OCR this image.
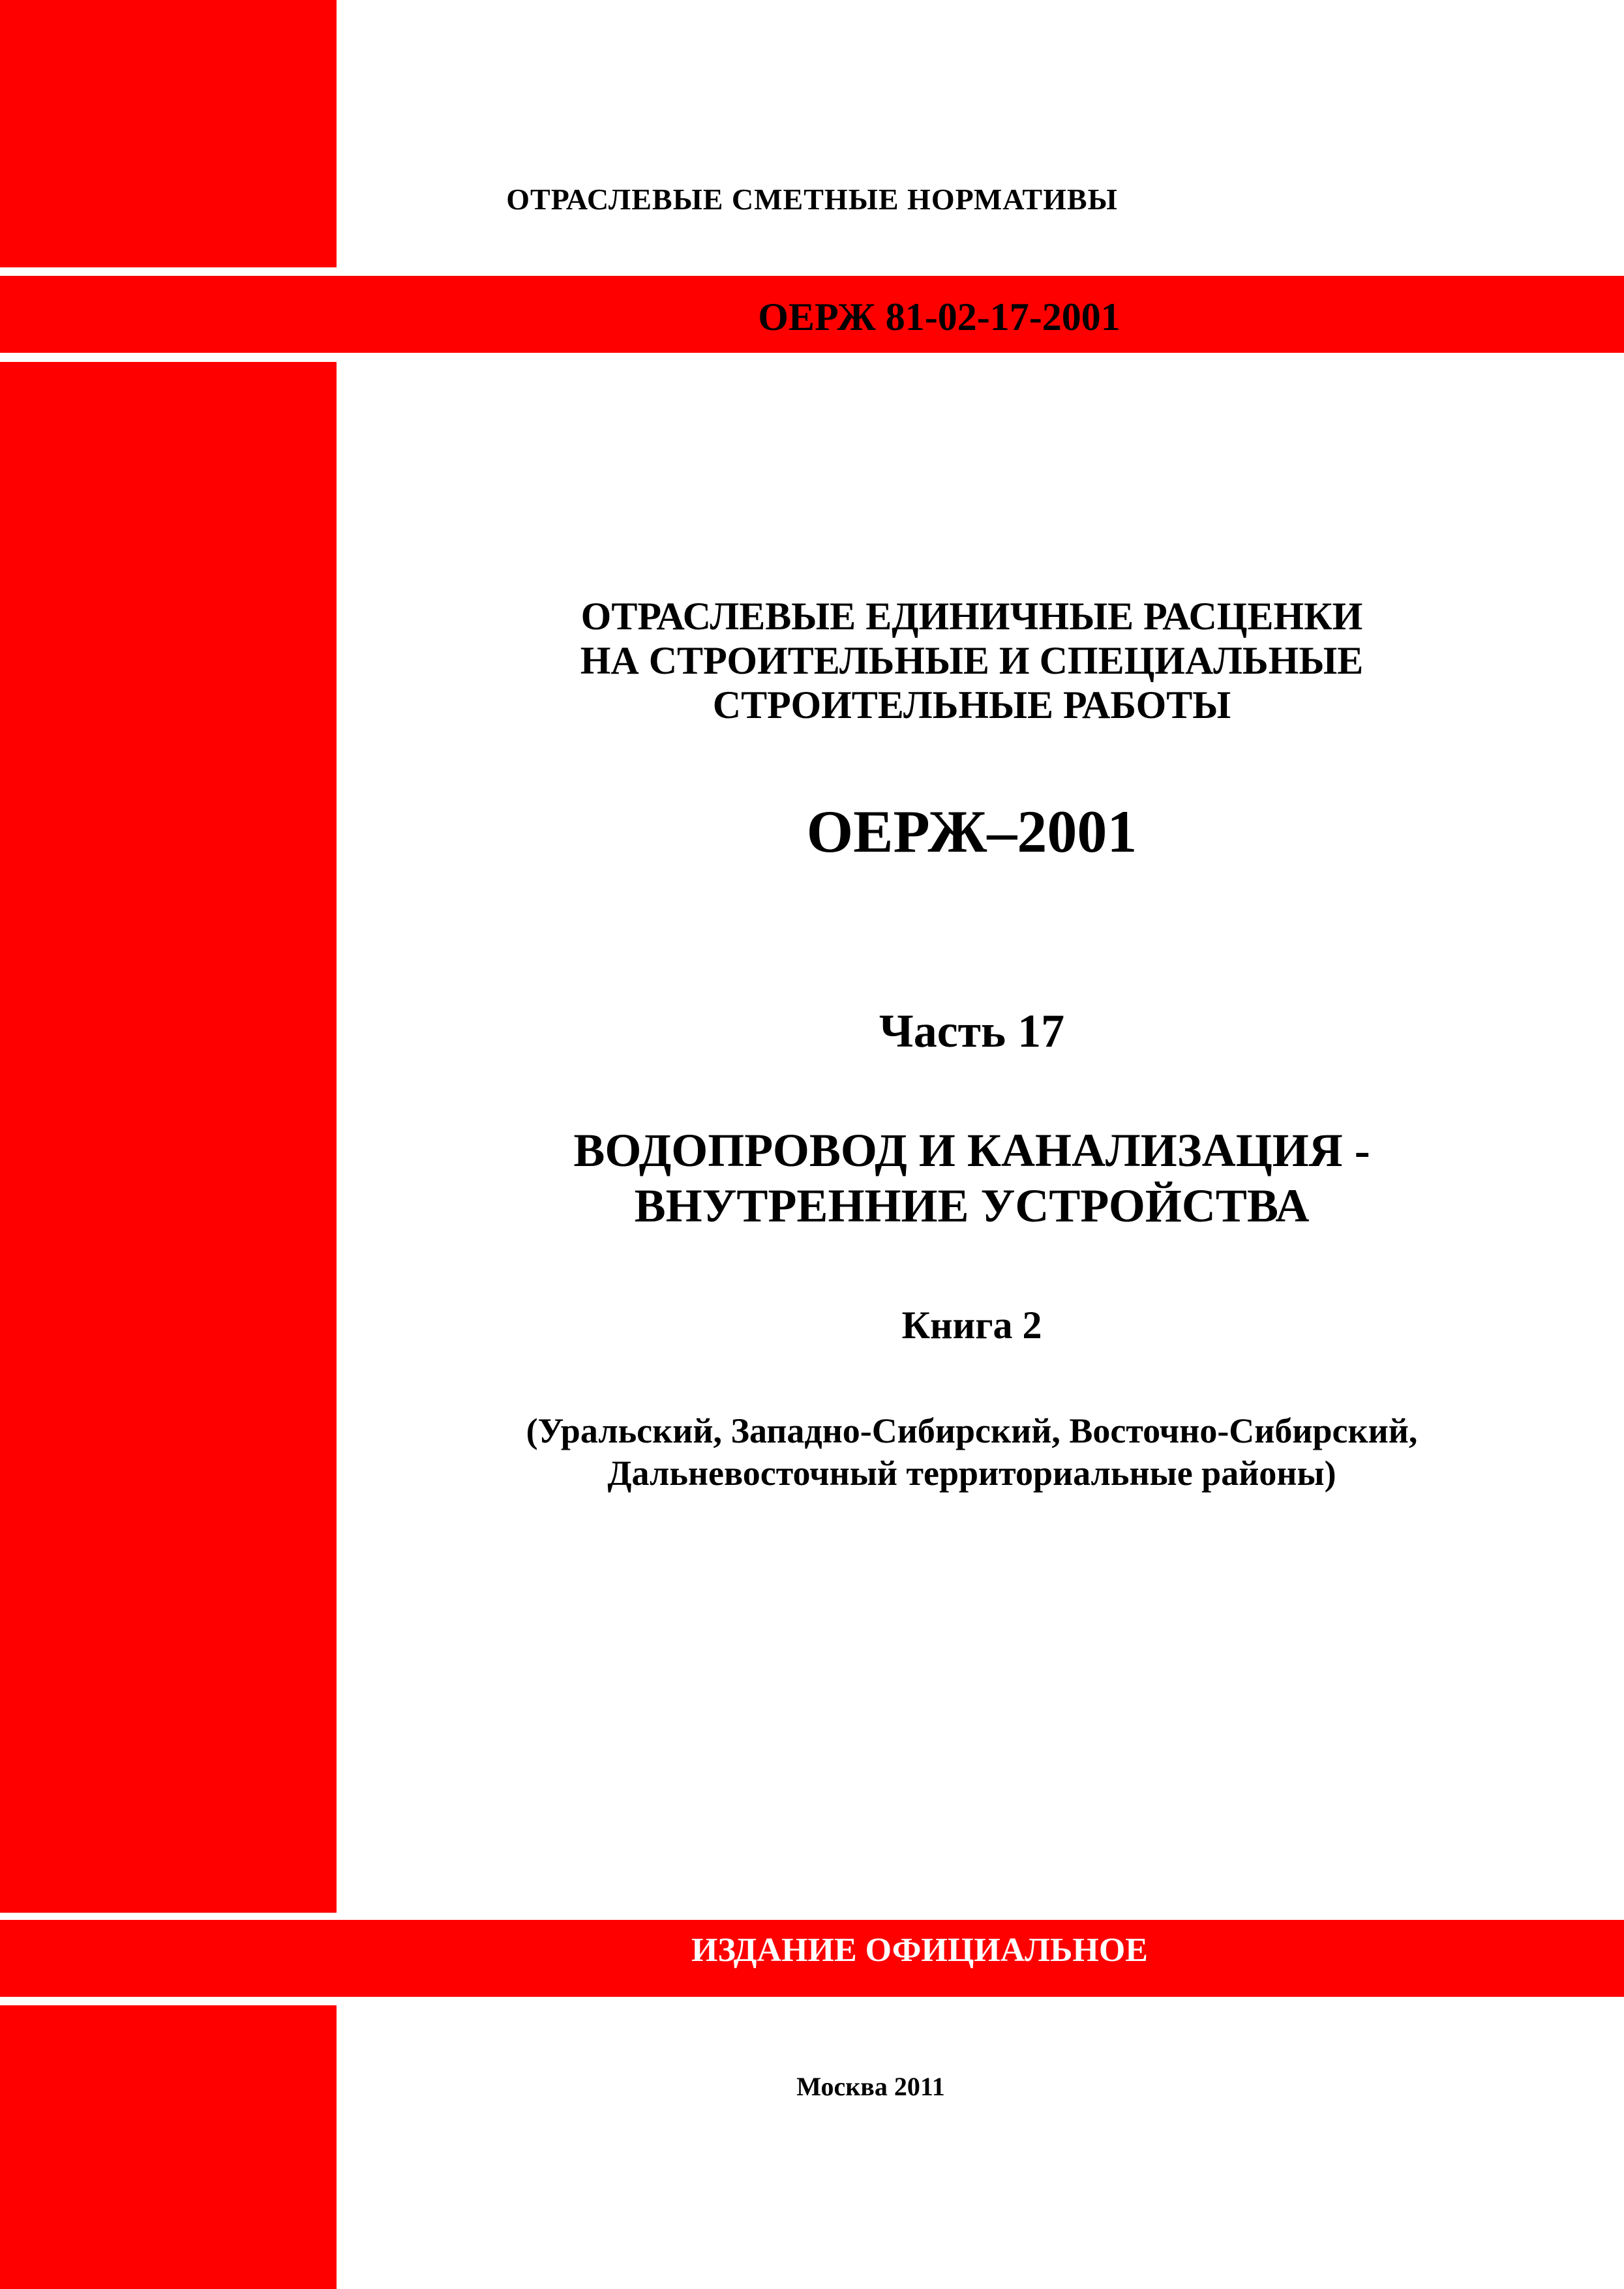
ОТРАСЛЕВЫЕ СМЕТНЫЕ НОРМАТИВЫ
ОЕРЖ 81-02-17-2001
ОТРАСЛЕВЫЕ ЕДИНИЧНЫЕ РАСЦЕНКИ
НА СТРОИТЕЛЬНЫЕ И СПЕЦИАЛЬНЫЕ
СТРОИТЕЛЬНЫЕ РАБОТЫ
ОЕРЖ–2001
Часть 17
ВОДОПРОВОД И КАНАЛИЗАЦИЯ -
ВНУТРЕННИЕ УСТРОЙСТВА
Книга 2
(Уральский, Западно-Сибирский, Восточно-Сибирский,
Дальневосточный территориальные районы)
ИЗДАНИЕ ОФИЦИАЛЬНОЕ
Москва 2011
